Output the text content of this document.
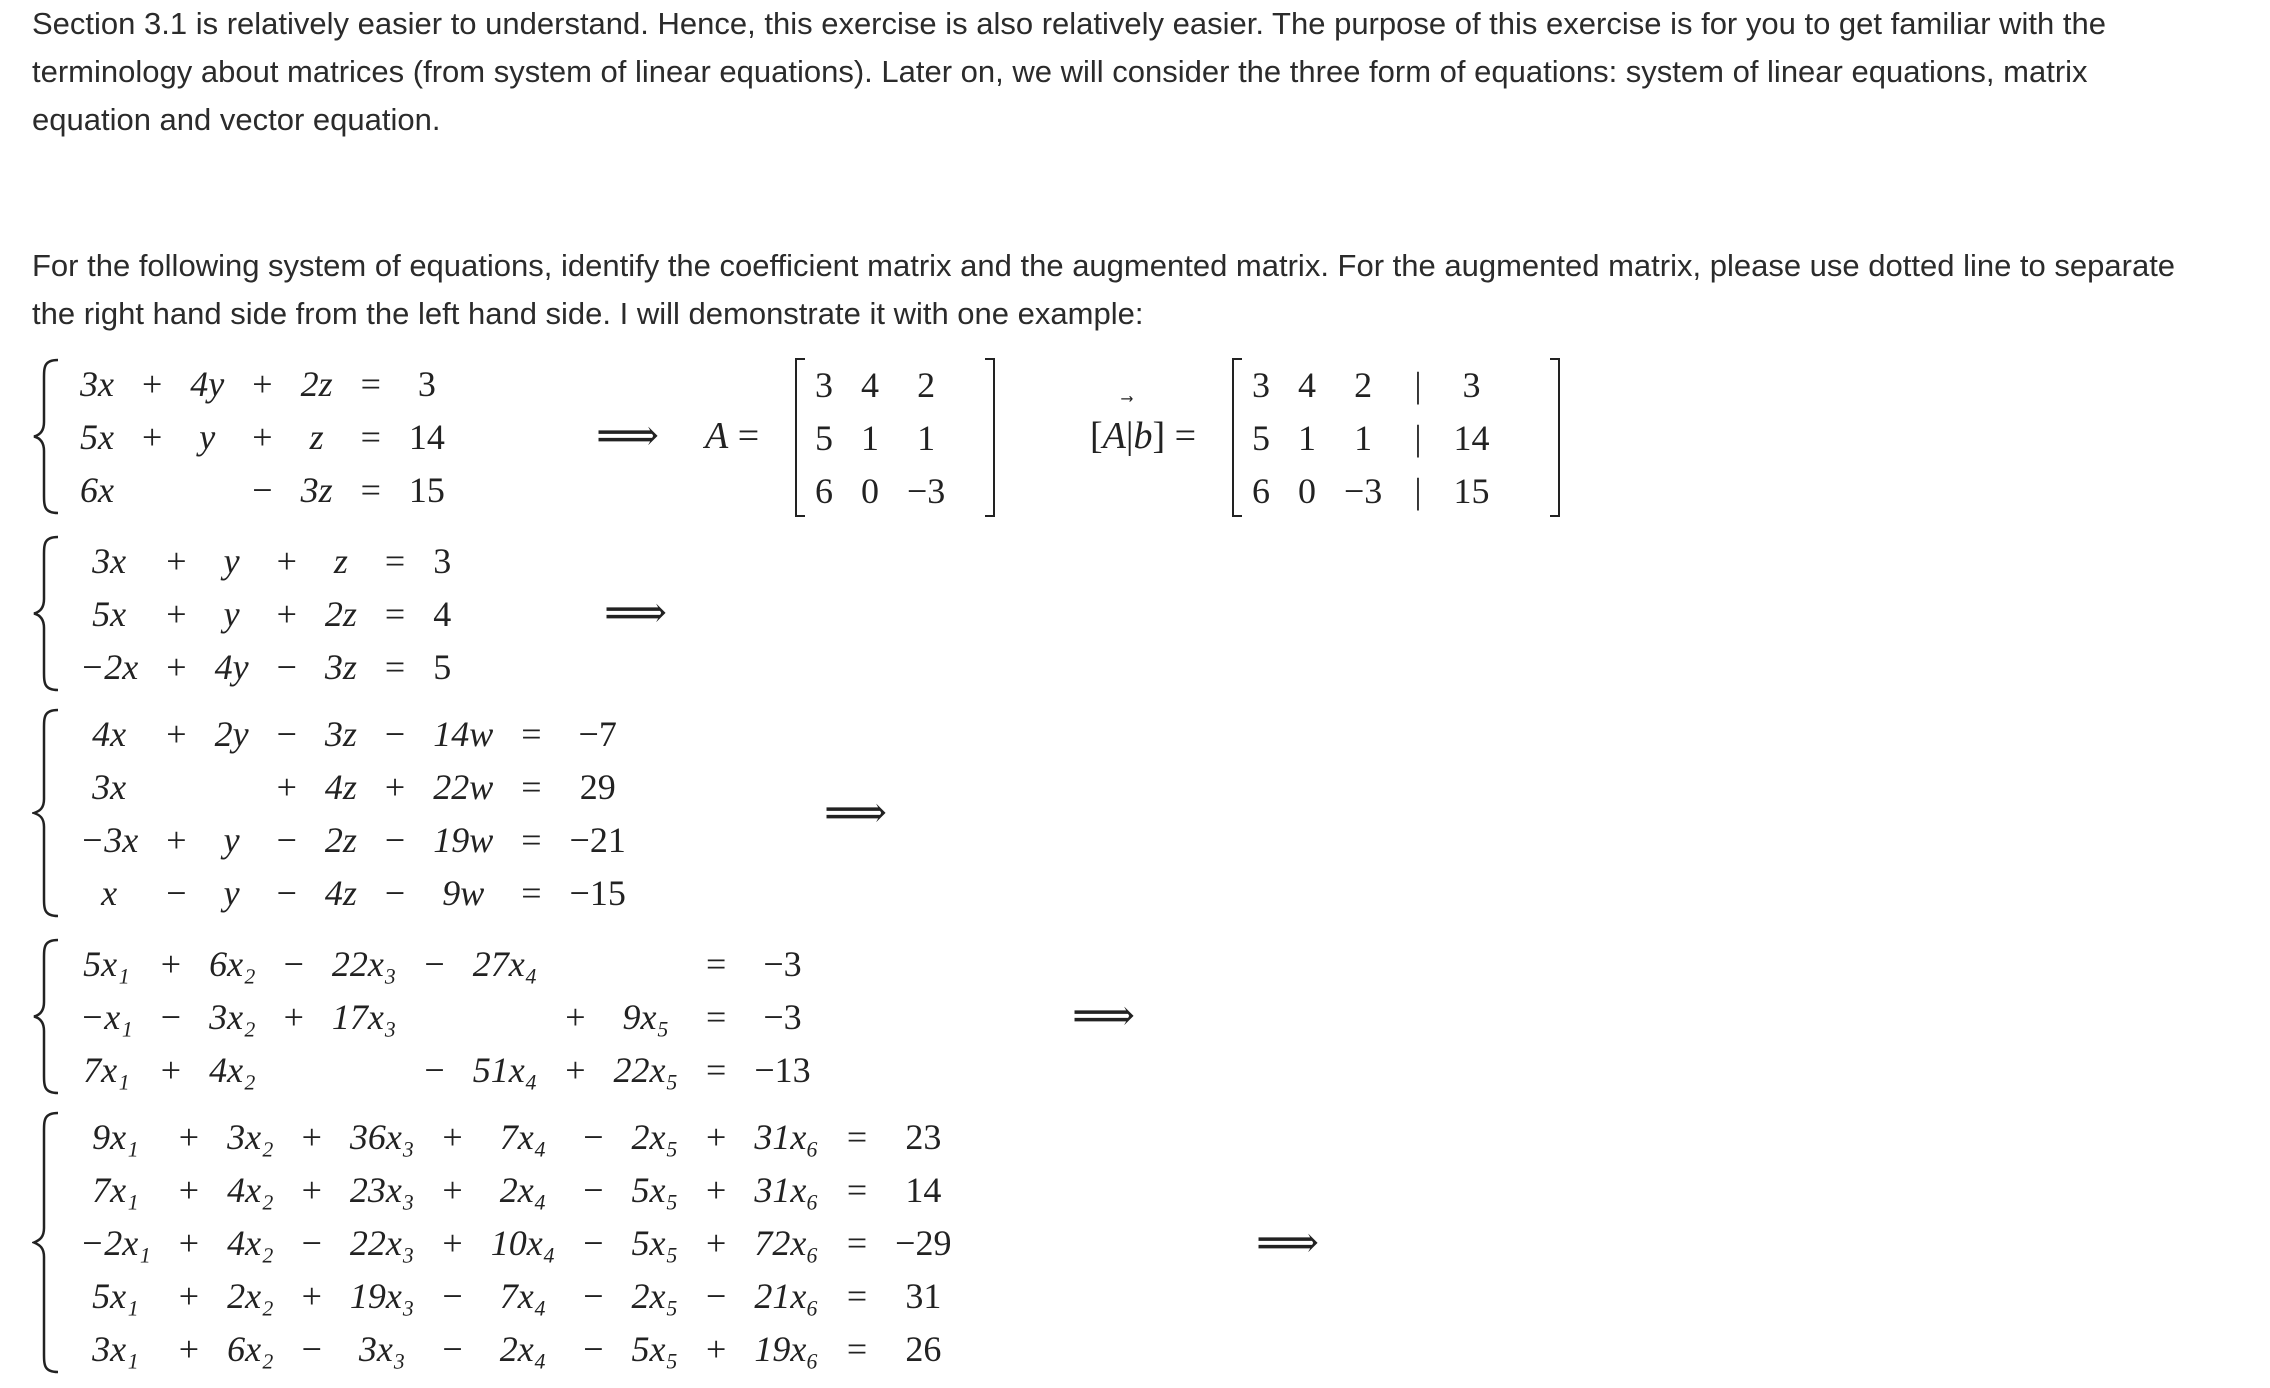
Section 3.1 is relatively easier to understand. Hence, this exercise is also relatively easier. The purpose of this exercise is for you to get familiar with the
terminology about matrices (from system of linear equations). Later on, we will consider the three form of equations: system of linear equations, matrix
equation and vector equation.
For the following system of equations, identify the coefficient matrix and the augmented matrix. For the augmented matrix, please use dotted line to separate
the right hand side from the left hand side. I will demonstrate it with one example:
3x	+	4y	+	2z	=	3
5x	+	y	+	z	=	14
6x			−	3z	=	15
⟹ A =
3	4	2
5	1	1
6	0	−3
[A|b
] =
3	4	2	|	3
5	1	1	|	14
6	0	−3	|	15
3x	+	y	+	z	=	3
5x	+	y	+	2z	=	4
−2x	+	4y	−	3z	=	5
⟹
4x	+	2y	−	3z	−	14w	=	−7
3x			+	4z	+	22w	=	29
−3x	+	y	−	2z	−	19w	=	−21
x	−	y	−	4z	−	9w	=	−15
⟹
5x₁	+	6x₂	−	22x₃	−	27x₄			=	−3
−x₁	−	3x₂	+	17x₃			+	9x₅	=	−3
7x₁	+	4x₂			−	51x₄	+	22x₅	=	−13
⟹
9x₁	+	3x₂	+	36x₃	+	7x₄	−	2x₅	+	31x₆	=	23
7x₁	+	4x₂	+	23x₃	+	2x₄	−	5x₅	+	31x₆	=	14
−2x₁	+	4x₂	−	22x₃	+	10x₄	−	5x₅	+	72x₆	=	−29
5x₁	+	2x₂	+	19x₃	−	7x₄	−	2x₅	−	21x₆	=	31
3x₁	+	6x₂	−	3x₃	−	2x₄	−	5x₅	+	19x₆	=	26
⟹
